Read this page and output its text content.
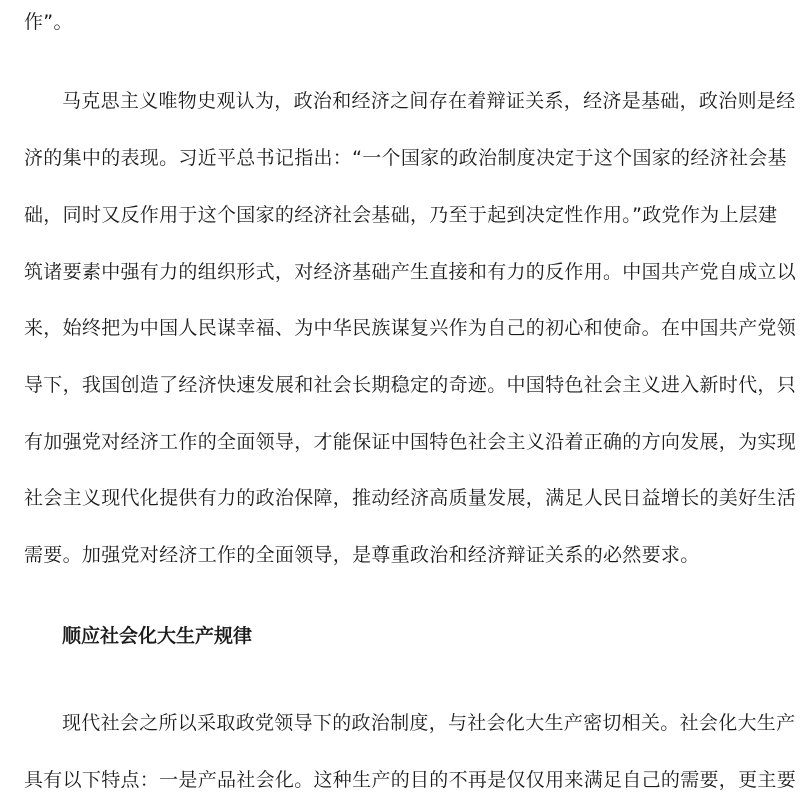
作”。
马克思主义唯物史观认为，政治和经济之间存在着辩证关系，经济是基础，政治则是经
济的集中的表现。习近平总书记指出：“一个国家的政治制度决定于这个国家的经济社会基
础，同时又反作用于这个国家的经济社会基础，乃至于起到决定性作用。”政党作为上层建
筑诸要素中强有力的组织形式，对经济基础产生直接和有力的反作用。中国共产党自成立以
来，始终把为中国人民谋幸福、为中华民族谋复兴作为自己的初心和使命。在中国共产党领
导下，我国创造了经济快速发展和社会长期稳定的奇迹。中国特色社会主义进入新时代，只
有加强党对经济工作的全面领导，才能保证中国特色社会主义沿着正确的方向发展，为实现
社会主义现代化提供有力的政治保障，推动经济高质量发展，满足人民日益增长的美好生活
需要。加强党对经济工作的全面领导，是尊重政治和经济辩证关系的必然要求。
顺应社会化大生产规律
现代社会之所以采取政党领导下的政治制度，与社会化大生产密切相关。社会化大生产
具有以下特点：一是产品社会化。这种生产的目的不再是仅仅用来满足自己的需要，更主要
